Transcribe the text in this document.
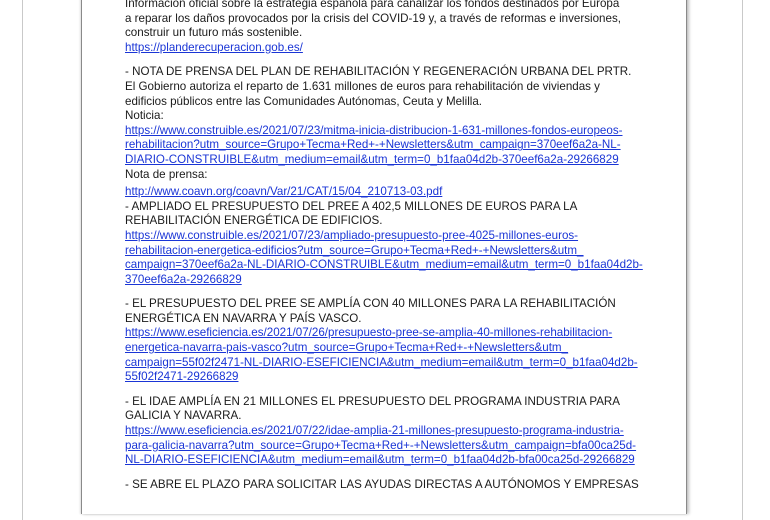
Información oficial sobre la estrategia española para canalizar los fondos destinados por Europa
a reparar los daños provocados por la crisis del COVID-19 y, a través de reformas e inversiones,
construir un futuro más sostenible.
https://planderecuperacion.gob.es/
- NOTA DE PRENSA DEL PLAN DE REHABILITACIÓN Y REGENERACIÓN URBANA DEL PRTR.
El Gobierno autoriza el reparto de 1.631 millones de euros para rehabilitación de viviendas y
edificios públicos entre las Comunidades Autónomas, Ceuta y Melilla.
Noticia:
https://www.construible.es/2021/07/23/mitma-inicia-distribucion-1-631-millones-fondos-europeos-
rehabilitacion?utm_source=Grupo+Tecma+Red+-+Newsletters&utm_campaign=370eef6a2a-NL-
DIARIO-CONSTRUIBLE&utm_medium=email&utm_term=0_b1faa04d2b-370eef6a2a-29266829
Nota de prensa:
http://www.coavn.org/coavn/Var/21/CAT/15/04_210713-03.pdf
- AMPLIADO EL PRESUPUESTO DEL PREE A 402,5 MILLONES DE EUROS PARA LA
REHABILITACIÓN ENERGÉTICA DE EDIFICIOS.
https://www.construible.es/2021/07/23/ampliado-presupuesto-pree-4025-millones-euros-
rehabilitacion-energetica-edificios?utm_source=Grupo+Tecma+Red+-+Newsletters&utm_
campaign=370eef6a2a-NL-DIARIO-CONSTRUIBLE&utm_medium=email&utm_term=0_b1faa04d2b-
370eef6a2a-29266829
- EL PRESUPUESTO DEL PREE SE AMPLÍA CON 40 MILLONES PARA LA REHABILITACIÓN
ENERGÉTICA EN NAVARRA Y PAÍS VASCO.
https://www.eseficiencia.es/2021/07/26/presupuesto-pree-se-amplia-40-millones-rehabilitacion-
energetica-navarra-pais-vasco?utm_source=Grupo+Tecma+Red+-+Newsletters&utm_
campaign=55f02f2471-NL-DIARIO-ESEFICIENCIA&utm_medium=email&utm_term=0_b1faa04d2b-
55f02f2471-29266829
- EL IDAE AMPLÍA EN 21 MILLONES EL PRESUPUESTO DEL PROGRAMA INDUSTRIA PARA
GALICIA Y NAVARRA.
https://www.eseficiencia.es/2021/07/22/idae-amplia-21-millones-presupuesto-programa-industria-
para-galicia-navarra?utm_source=Grupo+Tecma+Red+-+Newsletters&utm_campaign=bfa00ca25d-
NL-DIARIO-ESEFICIENCIA&utm_medium=email&utm_term=0_b1faa04d2b-bfa00ca25d-29266829
- SE ABRE EL PLAZO PARA SOLICITAR LAS AYUDAS DIRECTAS A AUTÓNOMOS Y EMPRESAS
